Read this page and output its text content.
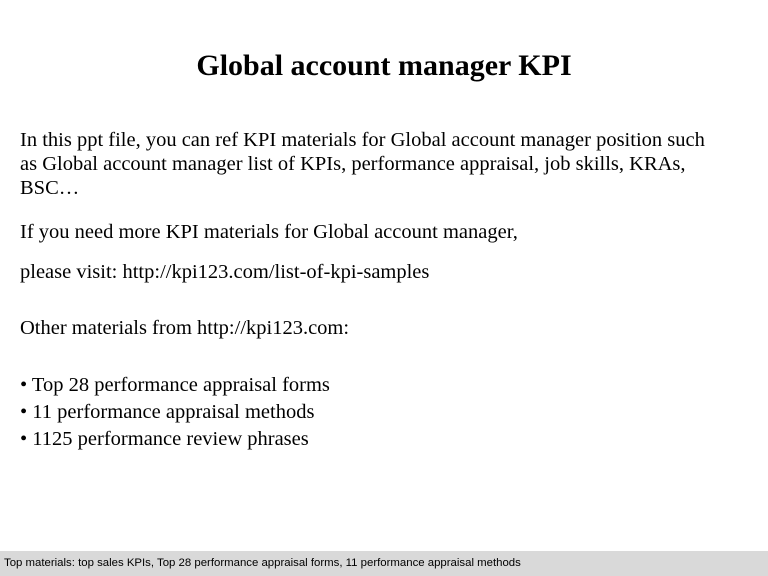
Global account manager KPI
In this ppt file, you can ref KPI materials for Global account manager position such
as Global account manager list of KPIs, performance appraisal, job skills, KRAs,
BSC…
If you need more KPI materials for Global account manager,
please visit: http://kpi123.com/list-of-kpi-samples
Other materials from http://kpi123.com:
• Top 28 performance appraisal forms
• 11 performance appraisal methods
• 1125 performance review phrases
Top materials: top sales KPIs, Top 28 performance appraisal forms, 11 performance appraisal methods
